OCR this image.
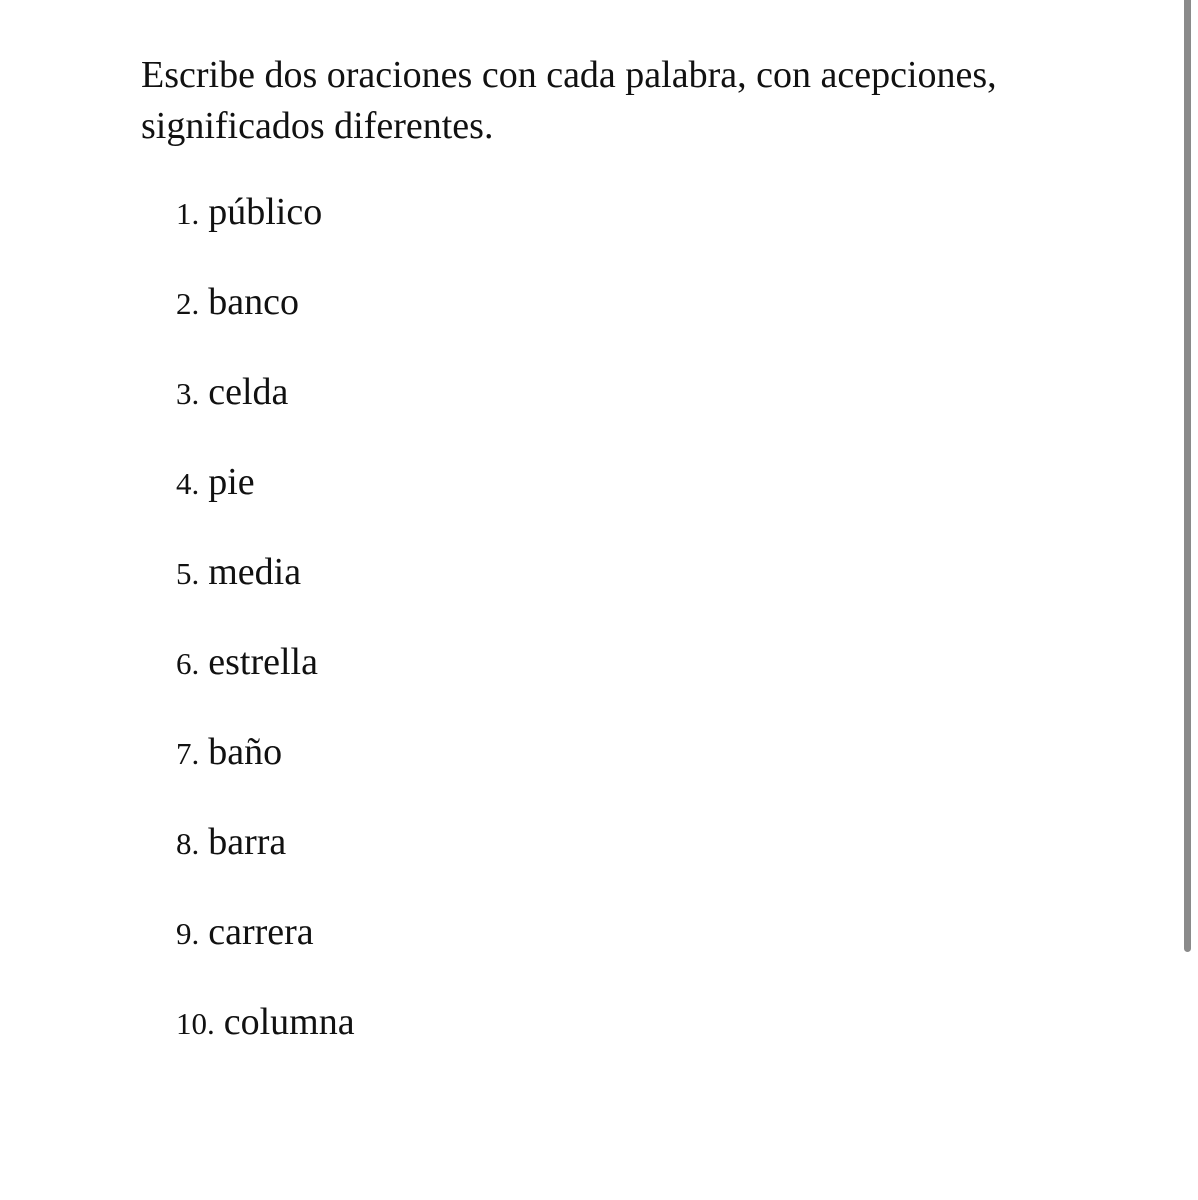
Escribe dos oraciones con cada palabra, con acepciones, significados diferentes.

1. público
2. banco
3. celda
4. pie
5. media
6. estrella
7. baño
8. barra
9. carrera
10. columna
